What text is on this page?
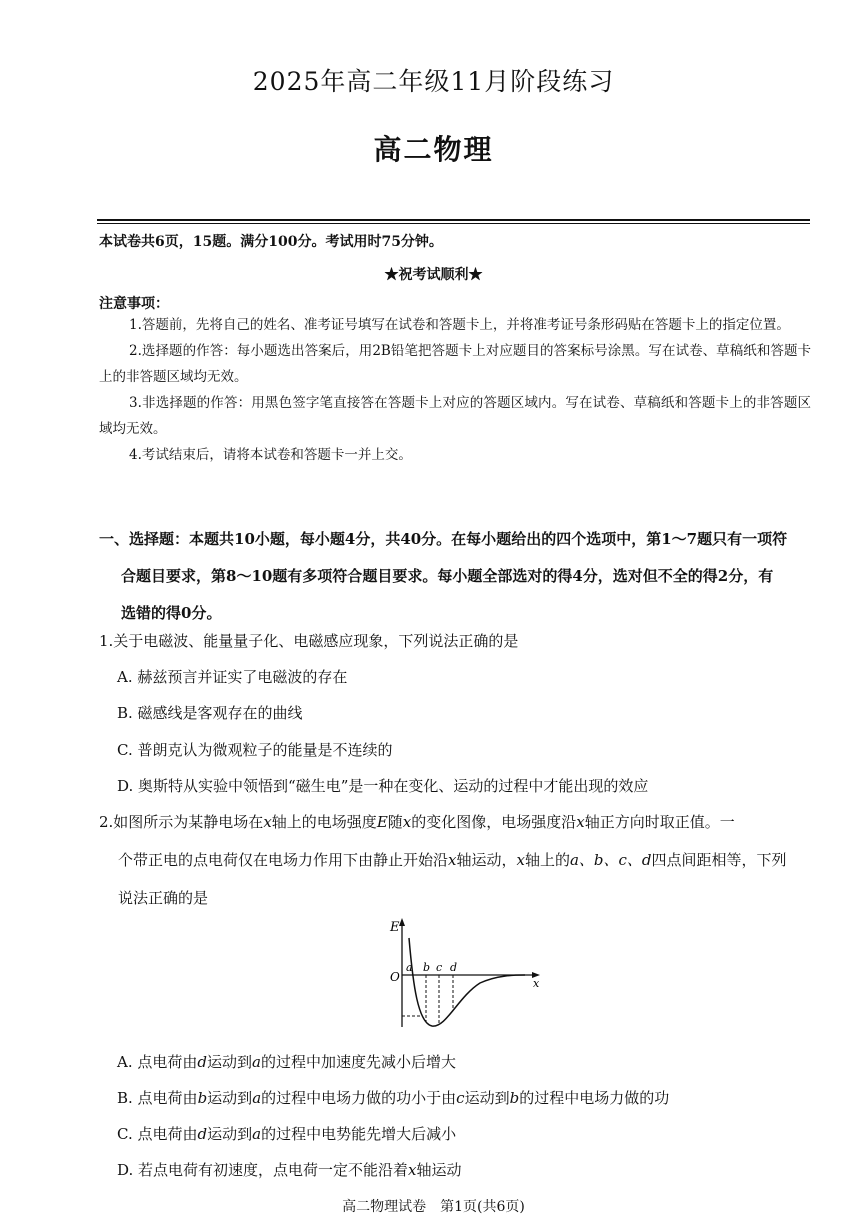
2025年高二年级11月阶段练习
高二物理
本试卷共6页，15题。满分100分。考试用时75分钟。
★祝考试顺利★
注意事项：

1.答题前，先将自己的姓名、准考证号填写在试卷和答题卡上，并将准考证号条形码贴在答题卡上的指定位置。

2.选择题的作答：每小题选出答案后，用2B铅笔把答题卡上对应题目的答案标号涂黑。写在试卷、草稿纸和答题卡上的非答题区域均无效。

3.非选择题的作答：用黑色签字笔直接答在答题卡上对应的答题区域内。写在试卷、草稿纸和答题卡上的非答题区域均无效。

4.考试结束后，请将本试卷和答题卡一并上交。

一、选择题：本题共10小题，每小题4分，共40分。在每小题给出的四个选项中，第1～7题只有一项符
合题目要求，第8～10题有多项符合题目要求。每小题全部选对的得4分，选对但不全的得2分，有
选错的得0分。
1.关于电磁波、能量量子化、电磁感应现象，下列说法正确的是
A. 赫兹预言并证实了电磁波的存在
B. 磁感线是客观存在的曲线
C. 普朗克认为微观粒子的能量是不连续的
D. 奥斯特从实验中领悟到“磁生电”是一种在变化、运动的过程中才能出现的效应
2.如图所示为某静电场在x轴上的电场强度E随x的变化图像，电场强度沿x轴正方向时取正值。一
个带正电的点电荷仅在电场力作用下由静止开始沿x轴运动，x轴上的a、b、c、d四点间距相等，下列
说法正确的是
E
x
O
a b c d
A. 点电荷由d运动到a的过程中加速度先减小后增大
B. 点电荷由b运动到a的过程中电场力做的功小于由c运动到b的过程中电场力做的功
C. 点电荷由d运动到a的过程中电势能先增大后减小
D. 若点电荷有初速度，点电荷一定不能沿着x轴运动
高二物理试卷　第1页(共6页)
